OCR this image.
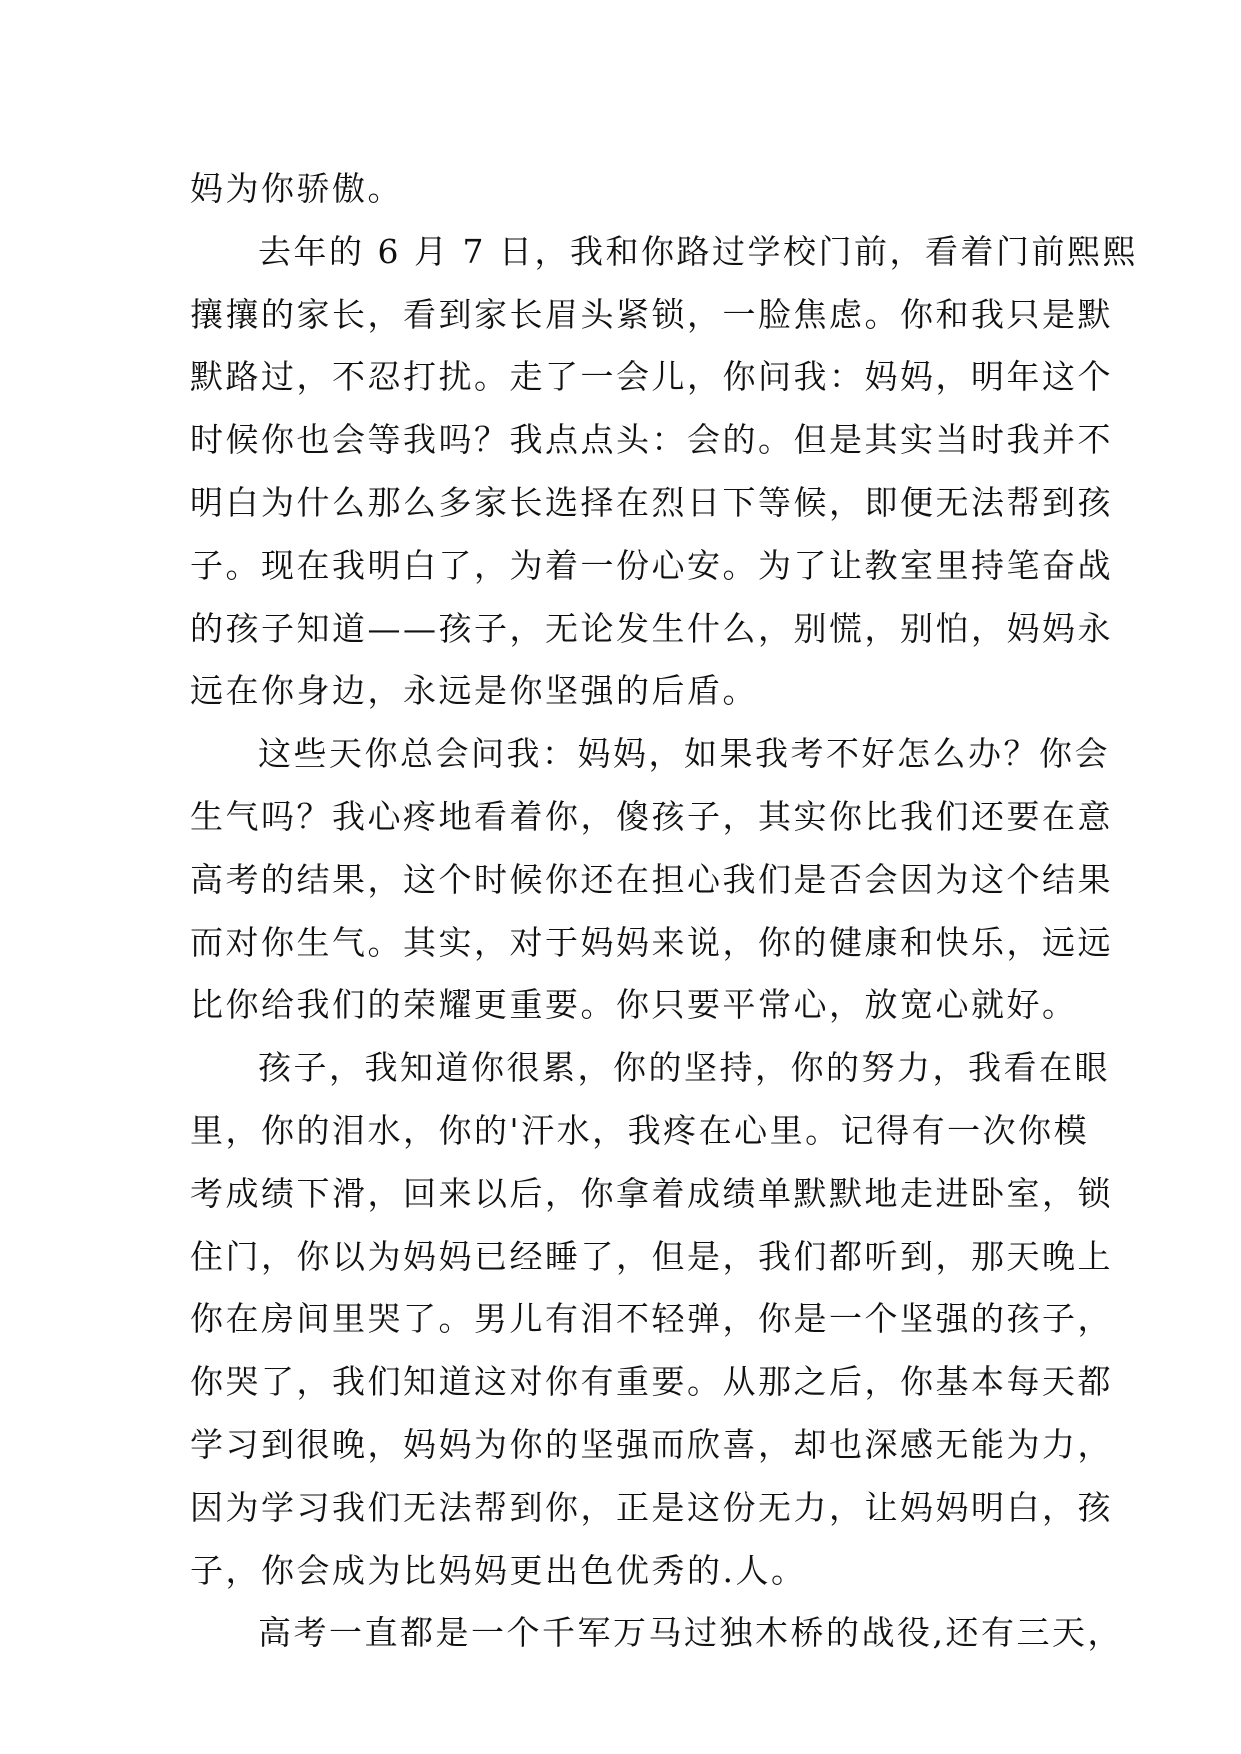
妈为你骄傲。
去年的 6 月 7 日，我和你路过学校门前，看着门前熙熙
攘攘的家长，看到家长眉头紧锁，一脸焦虑。你和我只是默
默路过，不忍打扰。走了一会儿，你问我：妈妈，明年这个
时候你也会等我吗？我点点头：会的。但是其实当时我并不
明白为什么那么多家长选择在烈日下等候，即便无法帮到孩
子。现在我明白了，为着一份心安。为了让教室里持笔奋战
的孩子知道——孩子，无论发生什么，别慌，别怕，妈妈永
远在你身边，永远是你坚强的后盾。
这些天你总会问我：妈妈，如果我考不好怎么办？你会
生气吗？我心疼地看着你，傻孩子，其实你比我们还要在意
高考的结果，这个时候你还在担心我们是否会因为这个结果
而对你生气。其实，对于妈妈来说，你的健康和快乐，远远
比你给我们的荣耀更重要。你只要平常心，放宽心就好。
孩子，我知道你很累，你的坚持，你的努力，我看在眼
里，你的泪水，你的'汗水，我疼在心里。记得有一次你模
考成绩下滑，回来以后，你拿着成绩单默默地走进卧室，锁
住门，你以为妈妈已经睡了，但是，我们都听到，那天晚上
你在房间里哭了。男儿有泪不轻弹，你是一个坚强的孩子，
你哭了，我们知道这对你有重要。从那之后，你基本每天都
学习到很晚，妈妈为你的坚强而欣喜，却也深感无能为力，
因为学习我们无法帮到你，正是这份无力，让妈妈明白，孩
子，你会成为比妈妈更出色优秀的.人。
高考一直都是一个千军万马过独木桥的战役,还有三天，
